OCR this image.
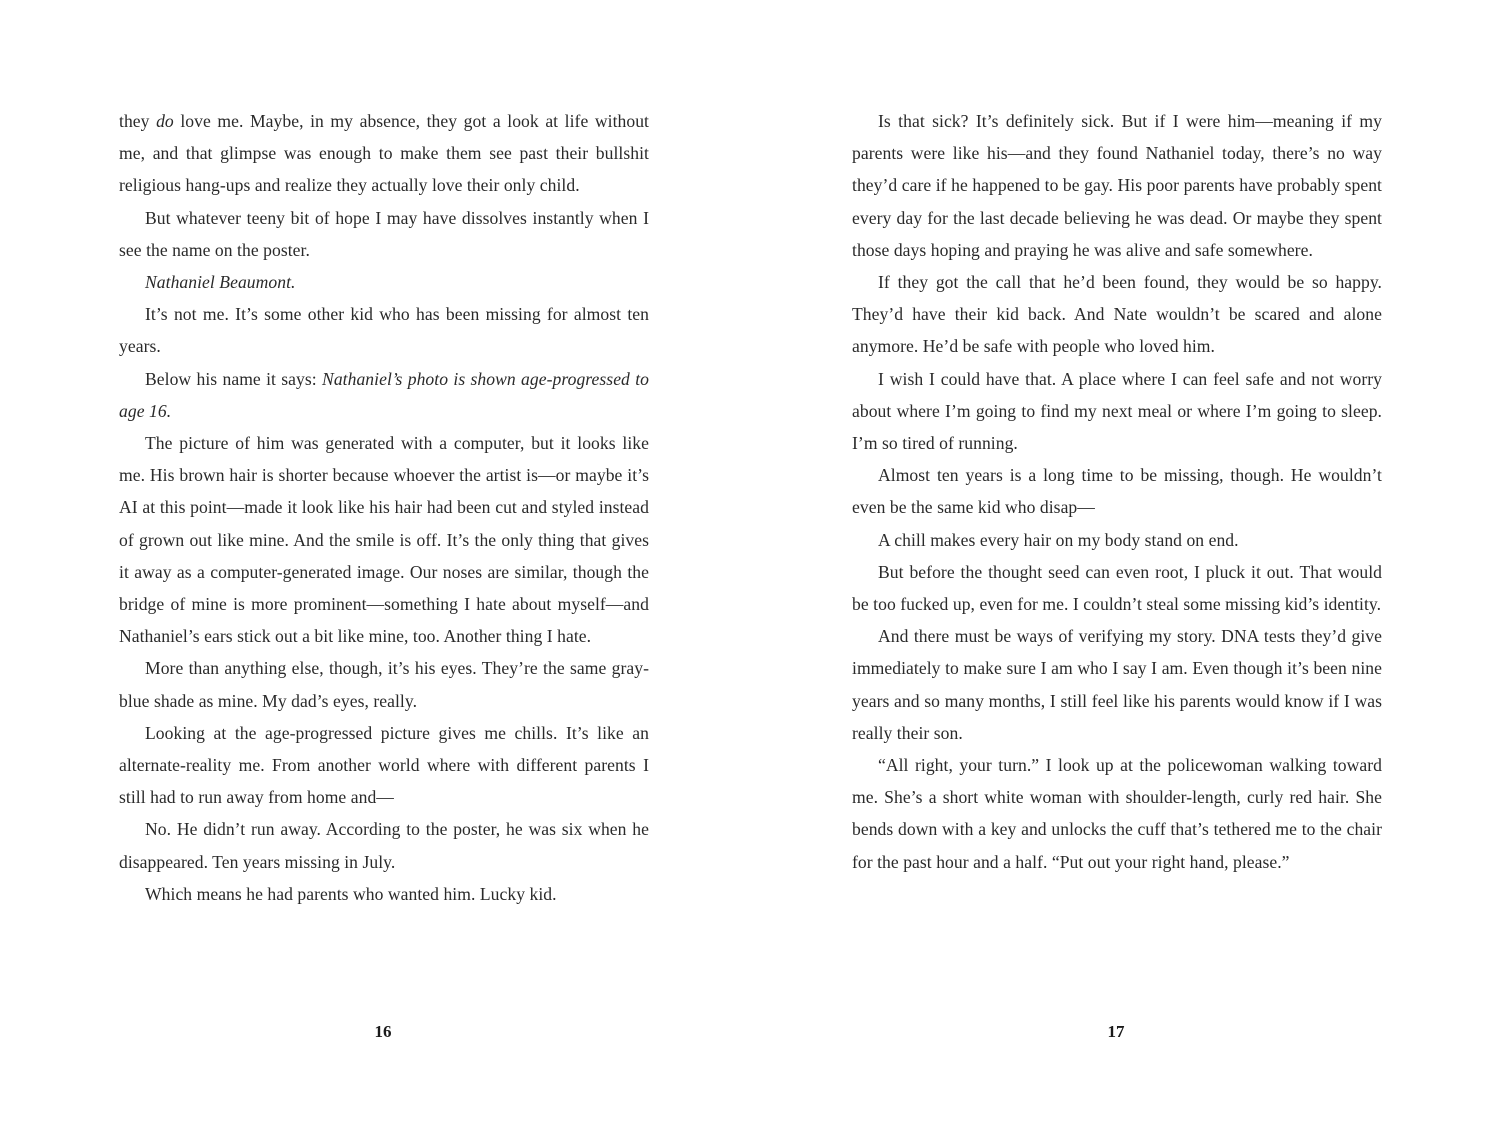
they do love me. Maybe, in my absence, they got a look at life without me, and that glimpse was enough to make them see past their bullshit religious hang-ups and realize they actually love their only child.

But whatever teeny bit of hope I may have dissolves instantly when I see the name on the poster.

Nathaniel Beaumont.

It’s not me. It’s some other kid who has been missing for almost ten years.

Below his name it says: Nathaniel’s photo is shown age-progressed to age 16.

The picture of him was generated with a computer, but it looks like me. His brown hair is shorter because whoever the artist is—or maybe it’s AI at this point—made it look like his hair had been cut and styled instead of grown out like mine. And the smile is off. It’s the only thing that gives it away as a computer-generated image. Our noses are similar, though the bridge of mine is more prominent—something I hate about myself—and Nathaniel’s ears stick out a bit like mine, too. Another thing I hate.

More than anything else, though, it’s his eyes. They’re the same gray-blue shade as mine. My dad’s eyes, really.

Looking at the age-progressed picture gives me chills. It’s like an alternate-reality me. From another world where with different parents I still had to run away from home and—

No. He didn’t run away. According to the poster, he was six when he disappeared. Ten years missing in July.

Which means he had parents who wanted him. Lucky kid.

16

Is that sick? It’s definitely sick. But if I were him—meaning if my parents were like his—and they found Nathaniel today, there’s no way they’d care if he happened to be gay. His poor parents have probably spent every day for the last decade believing he was dead. Or maybe they spent those days hoping and praying he was alive and safe somewhere.

If they got the call that he’d been found, they would be so happy. They’d have their kid back. And Nate wouldn’t be scared and alone anymore. He’d be safe with people who loved him.

I wish I could have that. A place where I can feel safe and not worry about where I’m going to find my next meal or where I’m going to sleep. I’m so tired of running.

Almost ten years is a long time to be missing, though. He wouldn’t even be the same kid who disap—

A chill makes every hair on my body stand on end.

But before the thought seed can even root, I pluck it out. That would be too fucked up, even for me. I couldn’t steal some missing kid’s identity.

And there must be ways of verifying my story. DNA tests they’d give immediately to make sure I am who I say I am. Even though it’s been nine years and so many months, I still feel like his parents would know if I was really their son.

“All right, your turn.” I look up at the policewoman walking toward me. She’s a short white woman with shoulder-length, curly red hair. She bends down with a key and unlocks the cuff that’s tethered me to the chair for the past hour and a half. “Put out your right hand, please.”

17
